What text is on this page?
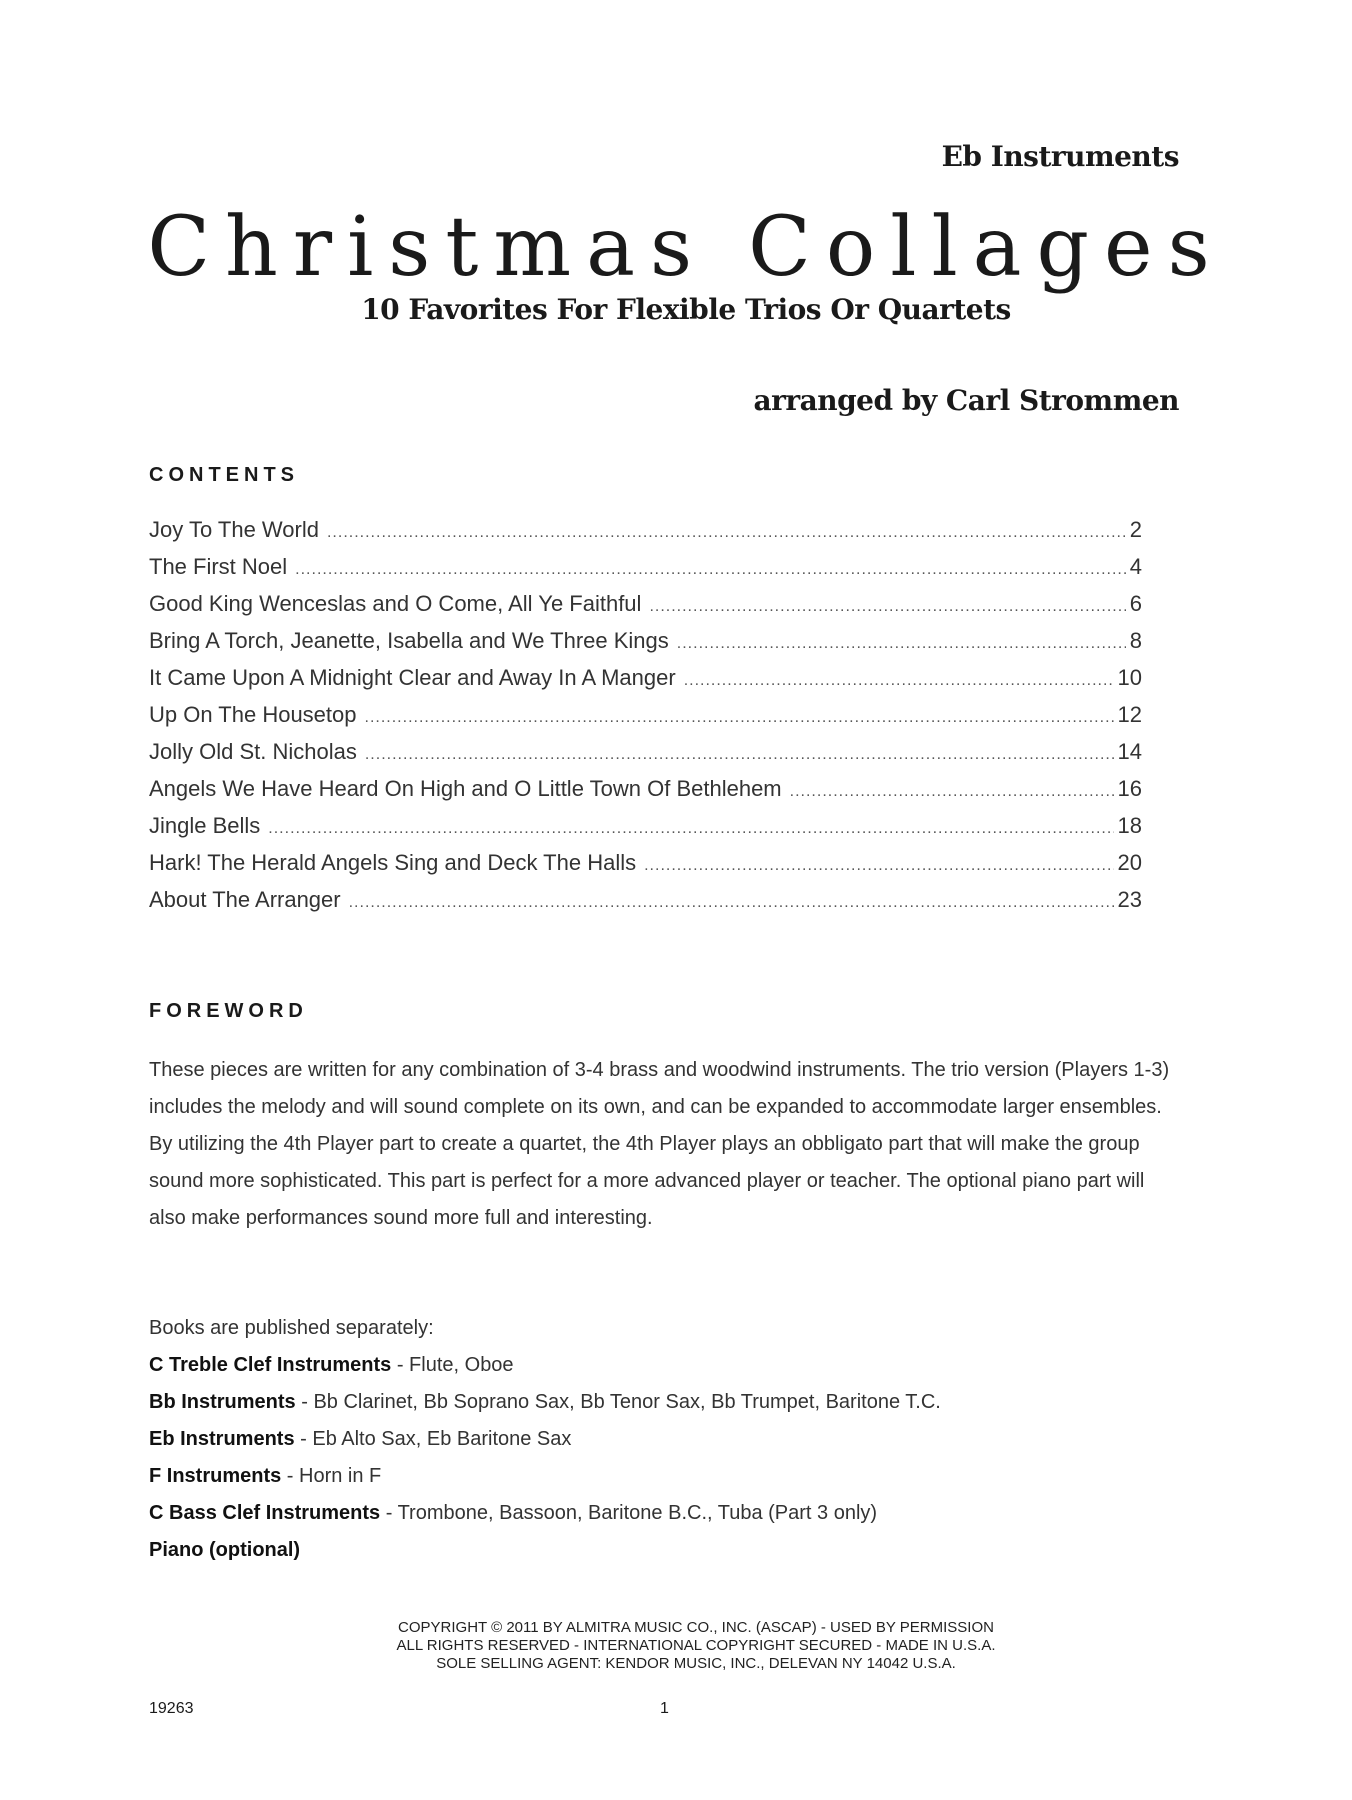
Eb Instruments
Christmas Collages
10 Favorites For Flexible Trios Or Quartets
arranged by Carl Strommen
CONTENTS
Joy To The World .....	2
The First Noel .....	4
Good King Wenceslas and O Come, All Ye Faithful .....	6
Bring A Torch, Jeanette, Isabella and We Three Kings .....	8
It Came Upon A Midnight Clear and Away In A Manger .....	10
Up On The Housetop .....	12
Jolly Old St. Nicholas .....	14
Angels We Have Heard On High and O Little Town Of Bethlehem .....	16
Jingle Bells .....	18
Hark! The Herald Angels Sing and Deck The Halls .....	20
About The Arranger .....	23
FOREWORD

These pieces are written for any combination of 3-4 brass and woodwind instruments. The trio version (Players 1-3) includes the melody and will sound complete on its own, and can be expanded to accommodate larger ensembles. By utilizing the 4th Player part to create a quartet, the 4th Player plays an obbligato part that will make the group sound more sophisticated. This part is perfect for a more advanced player or teacher. The optional piano part will also make performances sound more full and interesting.

Books are published separately:
C Treble Clef Instruments - Flute, Oboe
Bb Instruments - Bb Clarinet, Bb Soprano Sax, Bb Tenor Sax, Bb Trumpet, Baritone T.C.
Eb Instruments - Eb Alto Sax, Eb Baritone Sax
F Instruments - Horn in F
C Bass Clef Instruments - Trombone, Bassoon, Baritone B.C., Tuba (Part 3 only)
Piano (optional)
COPYRIGHT © 2011 BY ALMITRA MUSIC CO., INC. (ASCAP) - USED BY PERMISSION
ALL RIGHTS RESERVED - INTERNATIONAL COPYRIGHT SECURED - MADE IN U.S.A.
SOLE SELLING AGENT: KENDOR MUSIC, INC., DELEVAN NY 14042 U.S.A.
19263	1
